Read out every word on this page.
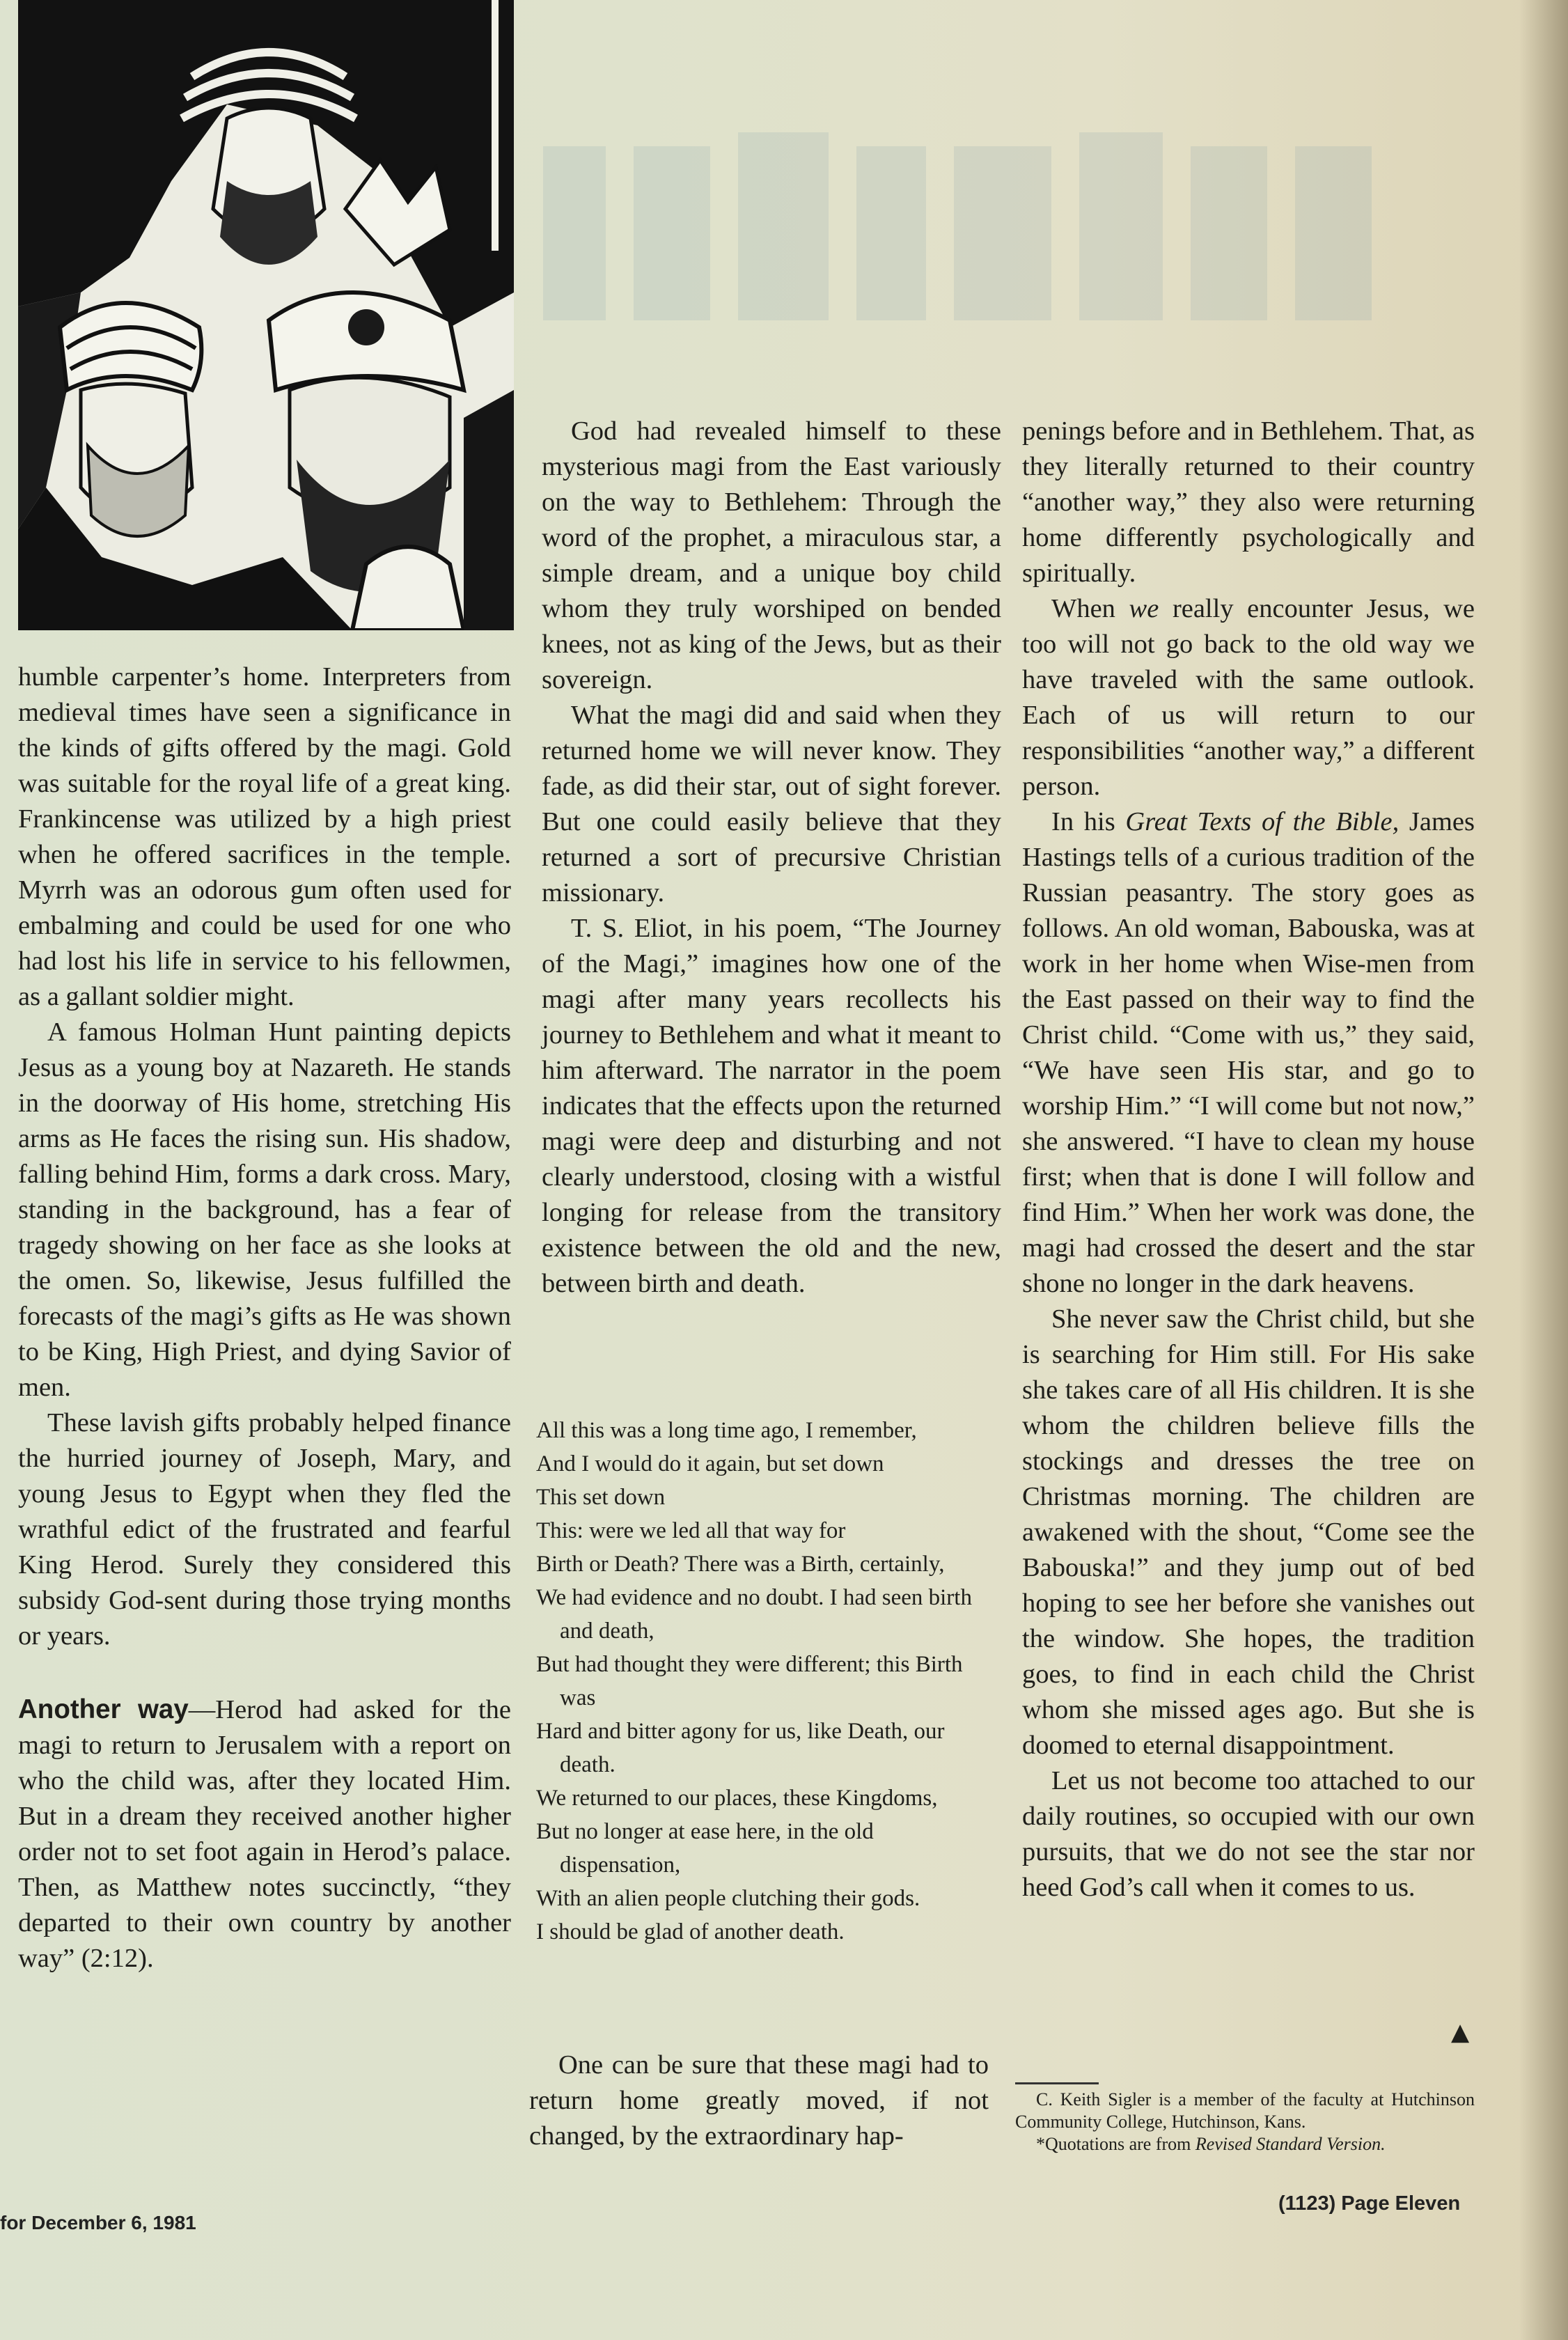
humble carpenter’s home. Interpreters from medieval times have seen a significance in the kinds of gifts offered by the magi. Gold was suitable for the royal life of a great king. Frankincense was utilized by a high priest when he offered sacrifices in the temple. Myrrh was an odorous gum often used for embalming and could be used for one who had lost his life in service to his fellowmen, as a gallant soldier might.

A famous Holman Hunt painting depicts Jesus as a young boy at Nazareth. He stands in the doorway of His home, stretching His arms as He faces the rising sun. His shadow, falling behind Him, forms a dark cross. Mary, standing in the background, has a fear of tragedy showing on her face as she looks at the omen. So, likewise, Jesus fulfilled the forecasts of the magi’s gifts as He was shown to be King, High Priest, and dying Savior of men.

These lavish gifts probably helped finance the hurried journey of Joseph, Mary, and young Jesus to Egypt when they fled the wrathful edict of the frustrated and fearful King Herod. Surely they considered this subsidy God-sent during those trying months or years.

Another way—Herod had asked for the magi to return to Jerusalem with a report on who the child was, after they located Him. But in a dream they received another higher order not to set foot again in Herod’s palace. Then, as Matthew notes succinctly, “they departed to their own country by another way” (2:12).

God had revealed himself to these mysterious magi from the East variously on the way to Bethlehem: Through the word of the prophet, a miraculous star, a simple dream, and a unique boy child whom they truly worshiped on bended knees, not as king of the Jews, but as their sovereign.

What the magi did and said when they returned home we will never know. They fade, as did their star, out of sight forever. But one could easily believe that they returned a sort of precursive Christian missionary.

T. S. Eliot, in his poem, “The Journey of the Magi,” imagines how one of the magi after many years recollects his journey to Bethlehem and what it meant to him afterward. The narrator in the poem indicates that the effects upon the returned magi were deep and disturbing and not clearly understood, closing with a wistful longing for release from the transitory existence between the old and the new, between birth and death.

All this was a long time ago, I remember,
And I would do it again, but set down
This set down
This: were we led all that way for
Birth or Death? There was a Birth, certainly,
We had evidence and no doubt. I had seen birth and death,
But had thought they were different; this Birth was
Hard and bitter agony for us, like Death, our death.
We returned to our places, these Kingdoms,
But no longer at ease here, in the old dispensation,
With an alien people clutching their gods.
I should be glad of another death.

One can be sure that these magi had to return home greatly moved, if not changed, by the extraordinary hap-

penings before and in Bethlehem. That, as they literally returned to their country “another way,” they also were returning home differently psychologically and spiritually.

When we really encounter Jesus, we too will not go back to the old way we have traveled with the same outlook. Each of us will return to our responsibilities “another way,” a different person.

In his Great Texts of the Bible, James Hastings tells of a curious tradition of the Russian peasantry. The story goes as follows. An old woman, Babouska, was at work in her home when Wise-men from the East passed on their way to find the Christ child. “Come with us,” they said, “We have seen His star, and go to worship Him.” “I will come but not now,” she answered. “I have to clean my house first; when that is done I will follow and find Him.” When her work was done, the magi had crossed the desert and the star shone no longer in the dark heavens.

She never saw the Christ child, but she is searching for Him still. For His sake she takes care of all His children. It is she whom the children believe fills the stockings and dresses the tree on Christmas morning. The children are awakened with the shout, “Come see the Babouska!” and they jump out of bed hoping to see her before she vanishes out the window. She hopes, the tradition goes, to find in each child the Christ whom she missed ages ago. But she is doomed to eternal disappointment.

Let us not become too attached to our daily routines, so occupied with our own pursuits, that we do not see the star nor heed God’s call when it comes to us.

▲
C. Keith Sigler is a member of the faculty at Hutchinson Community College, Hutchinson, Kans.
*Quotations are from Revised Standard Version.
for December 6, 1981
(1123) Page Eleven
